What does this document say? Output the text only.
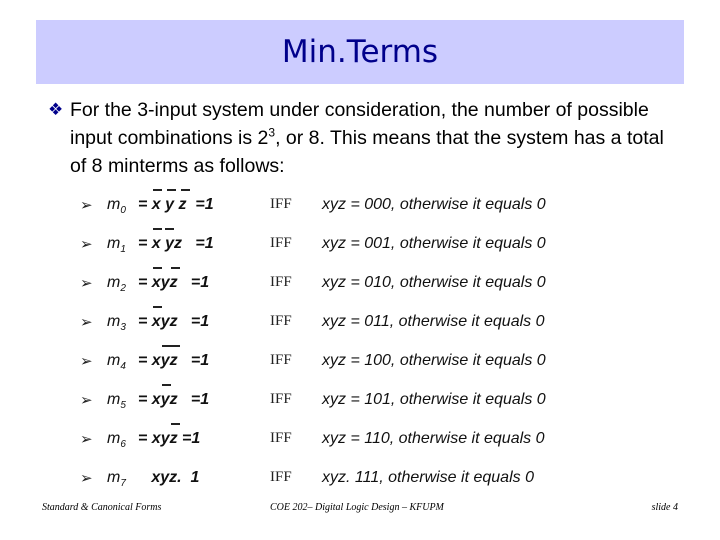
Min.Terms
❖ For the 3-input system under consideration, the number of possible input combinations is $2^3$, or 8. This means that the system has a total of 8 minterms as follows:
➢ $m_0 = x$ y z  =1	IFF xyz = 000, otherwise it equals 0
➢ $m_1 = x$ yz   =1	IFF xyz = 001, otherwise it equals 0
➢ $m_2$ = xyz   =1	IFF xyz = 010, otherwise it equals 0
➢ $m_3$ = xyz   =1	IFF xyz = 011, otherwise it equals 0
➢ $m_4$ = xyz   =1	IFF xyz = 100, otherwise it equals 0
➢ $m_5$ = xyz   =1	IFF xyz = 101, otherwise it equals 0
➢ $m_6$ = xyz =1	IFF xyz = 110, otherwise it equals 0
➢ $m_7$ xyz.  1	IFF xyz. 111, otherwise it equals 0
Standard & Canonical Forms	COE 202– Digital Logic Design – KFUPM	slide 4
